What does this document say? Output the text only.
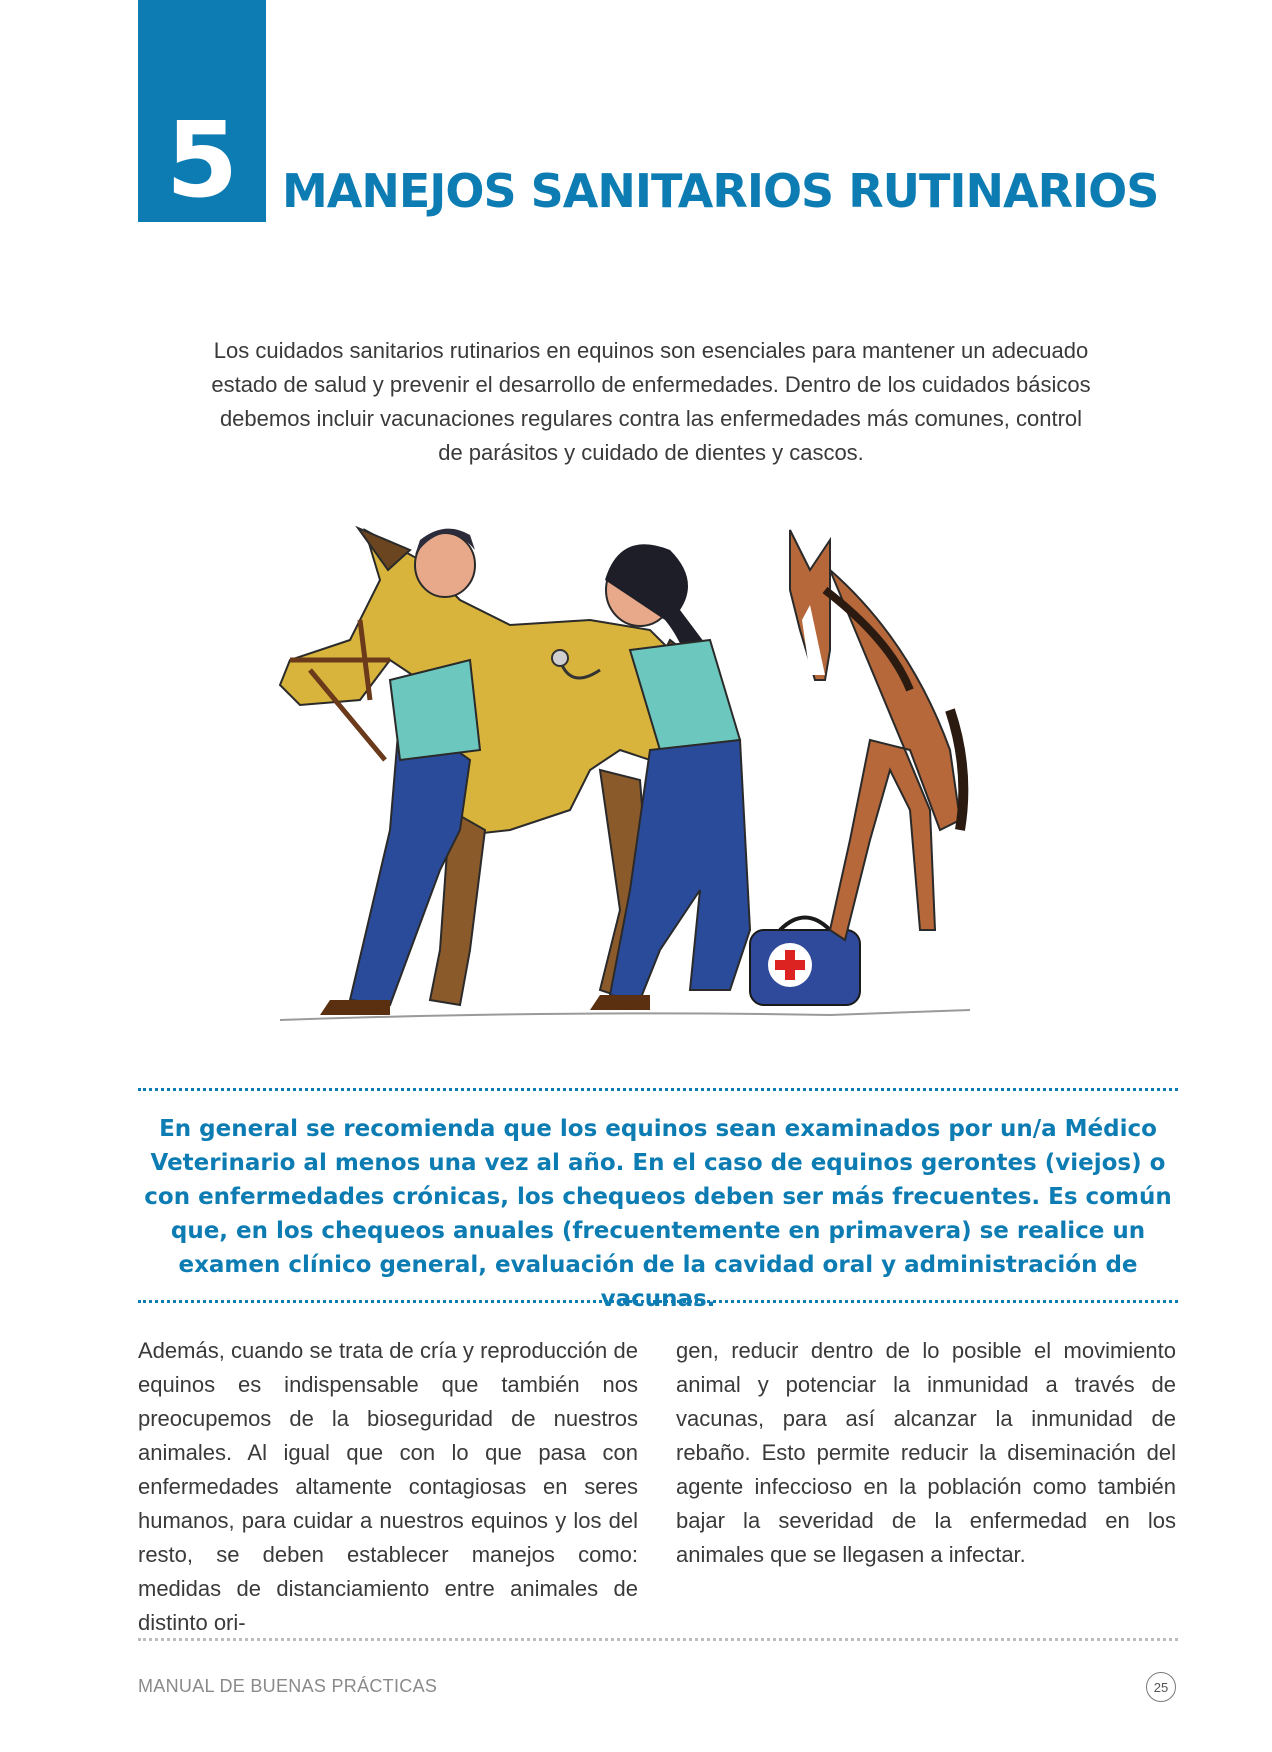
5 MANEJOS SANITARIOS RUTINARIOS

Los cuidados sanitarios rutinarios en equinos son esenciales para mantener un adecuado estado de salud y prevenir el desarrollo de enfermedades. Dentro de los cuidados básicos debemos incluir vacunaciones regulares contra las enfermedades más comunes, control de parásitos y cuidado de dientes y cascos.

En general se recomienda que los equinos sean examinados por un/a Médico Veterinario al menos una vez al año. En el caso de equinos gerontes (viejos) o con enfermedades crónicas, los chequeos deben ser más frecuentes. Es común que, en los chequeos anuales (frecuentemente en primavera) se realice un examen clínico general, evaluación de la cavidad oral y administración de vacunas.

Además, cuando se trata de cría y reproducción de equinos es indispensable que también nos preocupemos de la bioseguridad de nuestros animales. Al igual que con lo que pasa con enfermedades altamente contagiosas en seres humanos, para cuidar a nuestros equinos y los del resto, se deben establecer manejos como: medidas de distanciamiento entre animales de distinto ori-

gen, reducir dentro de lo posible el movimiento animal y potenciar la inmunidad a través de vacunas, para así alcanzar la inmunidad de rebaño. Esto permite reducir la diseminación del agente infeccioso en la población como también bajar la severidad de la enfermedad en los animales que se llegasen a infectar.

MANUAL DE BUENAS PRÁCTICAS	25
